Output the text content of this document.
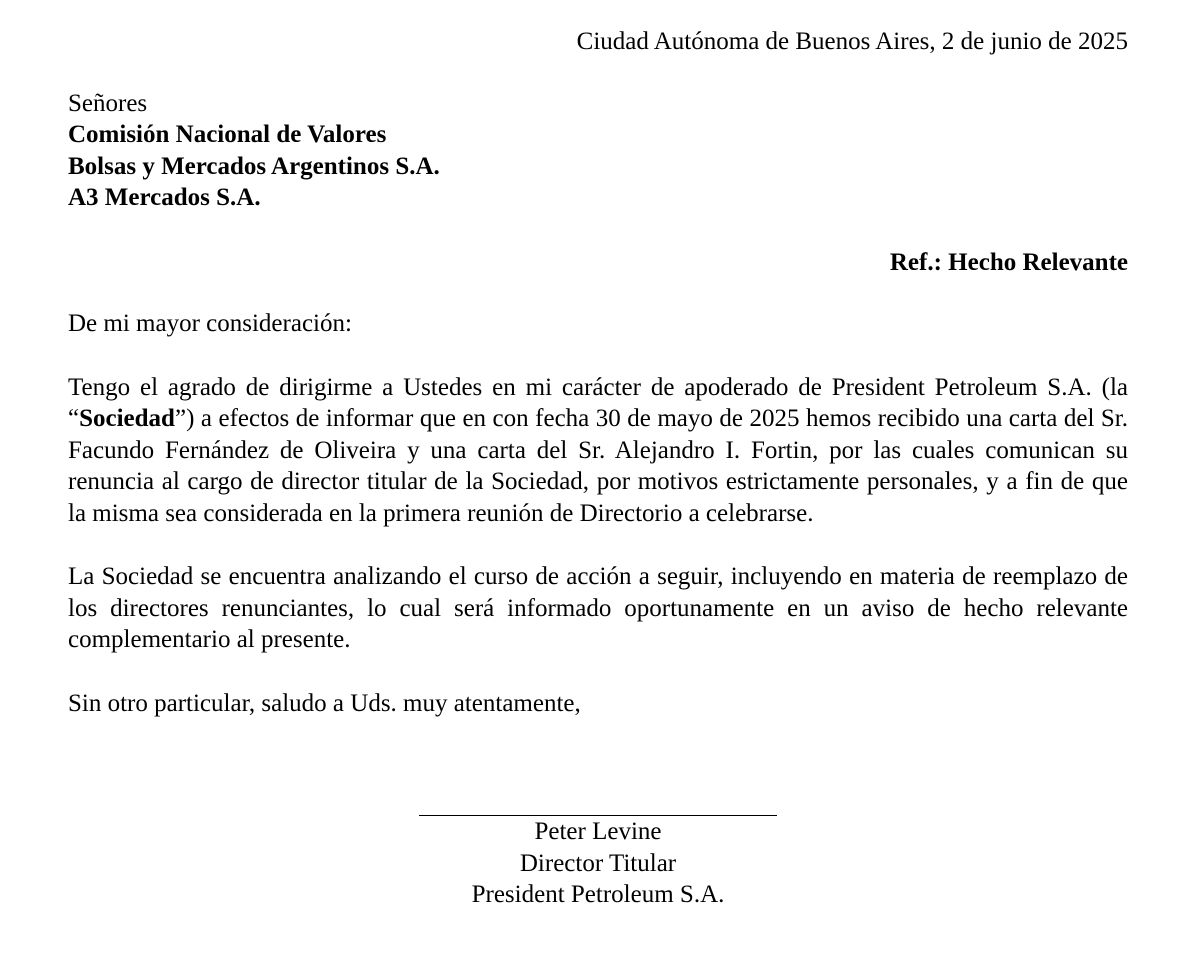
Ciudad Autónoma de Buenos Aires, 2 de junio de 2025

Señores
Comisión Nacional de Valores
Bolsas y Mercados Argentinos S.A.
A3 Mercados S.A.

Ref.: Hecho Relevante

De mi mayor consideración:

Tengo el agrado de dirigirme a Ustedes en mi carácter de apoderado de President Petroleum S.A. (la “Sociedad”) a efectos de informar que en con fecha 30 de mayo de 2025 hemos recibido una carta del Sr. Facundo Fernández de Oliveira y una carta del Sr. Alejandro I. Fortin, por las cuales comunican su renuncia al cargo de director titular de la Sociedad, por motivos estrictamente personales, y a fin de que la misma sea considerada en la primera reunión de Directorio a celebrarse.

La Sociedad se encuentra analizando el curso de acción a seguir, incluyendo en materia de reemplazo de los directores renunciantes, lo cual será informado oportunamente en un aviso de hecho relevante complementario al presente.

Sin otro particular, saludo a Uds. muy atentamente,

Peter Levine
Director Titular
President Petroleum S.A.
